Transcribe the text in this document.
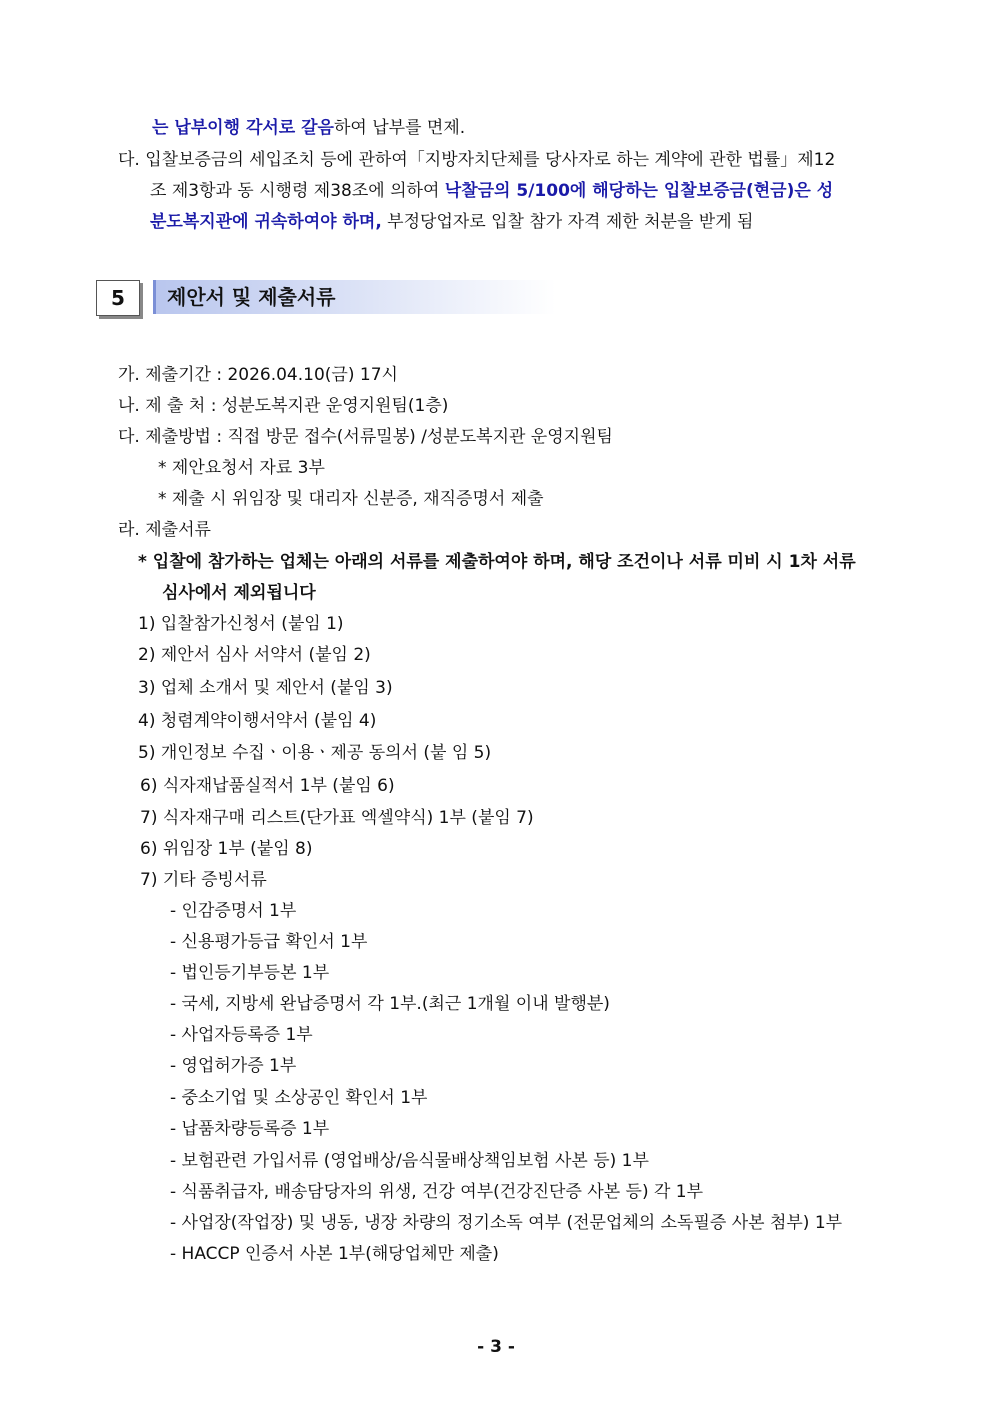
는 납부이행 각서로 갈음하여 납부를 면제.
다. 입찰보증금의 세입조치 등에 관하여「지방자치단체를 당사자로 하는 계약에 관한 법률」제12
조 제3항과 동 시행령 제38조에 의하여 낙찰금의 5/100에 해당하는 입찰보증금(현금)은 성
분도복지관에 귀속하여야 하며, 부정당업자로 입찰 참가 자격 제한 처분을 받게 됨
5	제안서 및 제출서류
가. 제출기간 : 2026.04.10(금) 17시
나. 제 출 처 : 성분도복지관 운영지원팀(1층)
다. 제출방법 : 직접 방문 접수(서류밀봉) /성분도복지관 운영지원팀
* 제안요청서 자료 3부
* 제출 시 위임장 및 대리자 신분증, 재직증명서 제출
라. 제출서류
* 입찰에 참가하는 업체는 아래의 서류를 제출하여야 하며, 해당 조건이나 서류 미비 시 1차 서류
심사에서 제외됩니다
1) 입찰참가신청서 (붙임 1)
2) 제안서 심사 서약서 (붙임 2)
3) 업체 소개서 및 제안서 (붙임 3)
4) 청렴계약이행서약서 (붙임 4)
5) 개인정보 수집ㆍ이용ㆍ제공 동의서 (붙 임 5)
6) 식자재납품실적서 1부 (붙임 6)
7) 식자재구매 리스트(단가표 엑셀약식) 1부 (붙임 7)
6) 위임장 1부 (붙임 8)
7) 기타 증빙서류
- 인감증명서 1부
- 신용평가등급 확인서 1부
- 법인등기부등본 1부
- 국세, 지방세 완납증명서 각 1부.(최근 1개월 이내 발행분)
- 사업자등록증 1부
- 영업허가증 1부
- 중소기업 및 소상공인 확인서 1부
- 납품차량등록증 1부
- 보험관련 가입서류 (영업배상/음식물배상책임보험 사본 등) 1부
- 식품취급자, 배송담당자의 위생, 건강 여부(건강진단증 사본 등) 각 1부
- 사업장(작업장) 및 냉동, 냉장 차량의 정기소독 여부 (전문업체의 소독필증 사본 첨부) 1부
- HACCP 인증서 사본 1부(해당업체만 제출)
- 3 -
